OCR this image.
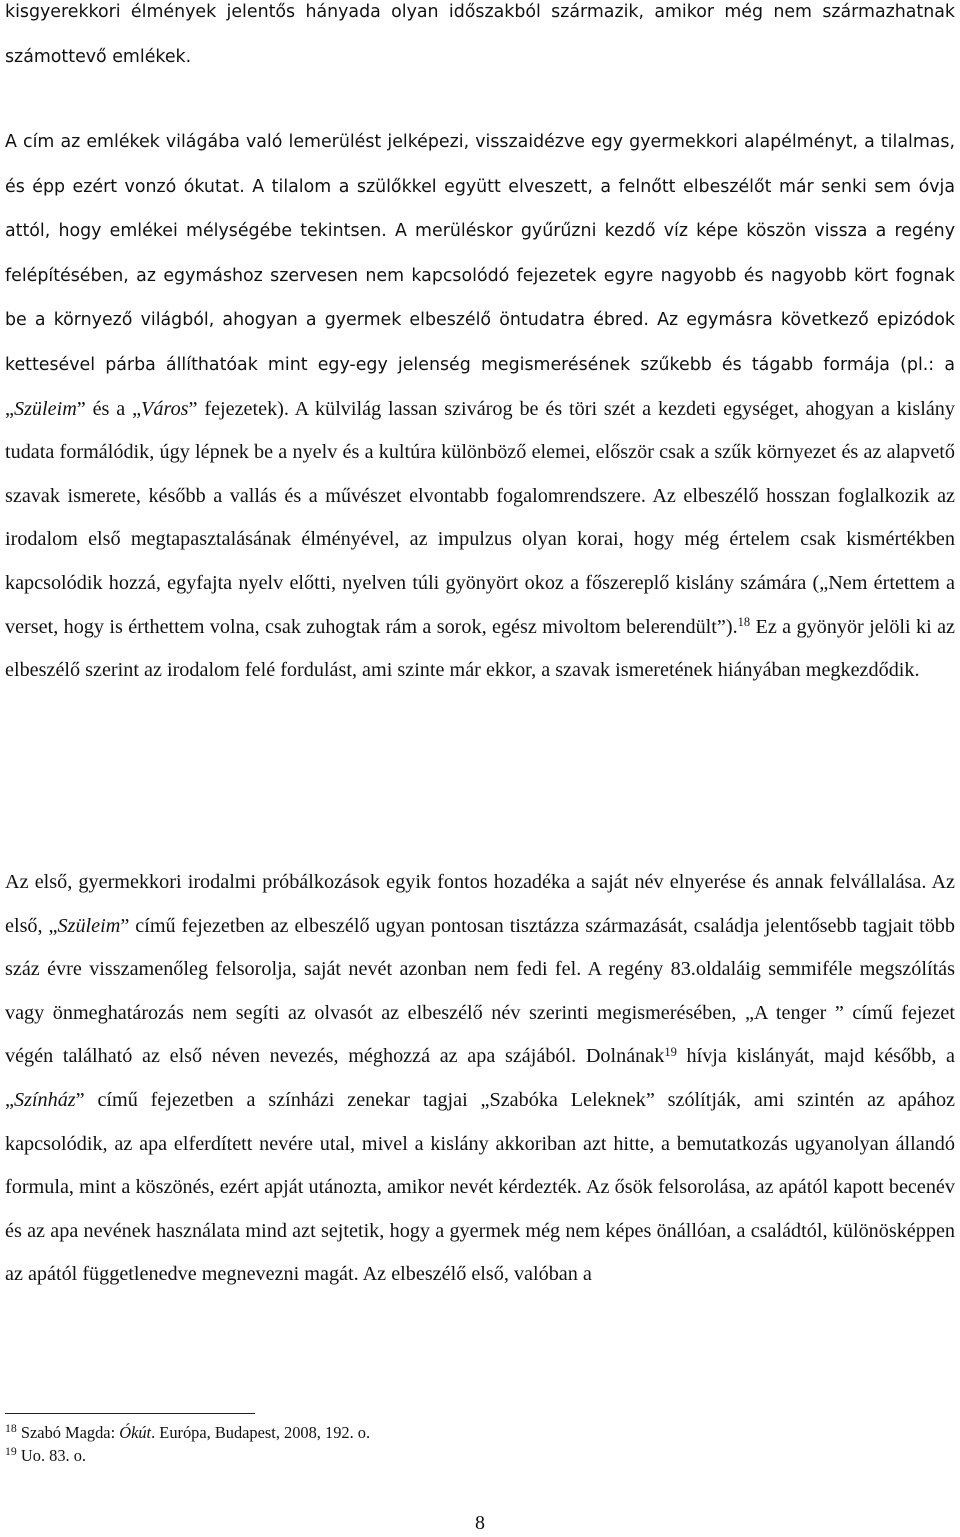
kisgyerekkori élmények jelentős hányada olyan időszakból származik, amikor még nem származhatnak számottevő emlékek.
A cím az emlékek világába való lemerülést jelképezi, visszaidézve egy gyermekkori alapélményt, a tilalmas, és épp ezért vonzó ókutat. A tilalom a szülőkkel együtt elveszett, a felnőtt elbeszélőt már senki sem óvja attól, hogy emlékei mélységébe tekintsen. A merüléskor gyűrűzni kezdő víz képe köszön vissza a regény felépítésében, az egymáshoz szervesen nem kapcsolódó fejezetek egyre nagyobb és nagyobb kört fognak be a környező világból, ahogyan a gyermek elbeszélő öntudatra ébred. Az egymásra következő epizódok kettesével párba állíthatóak mint egy-egy jelenség megismerésének szűkebb és tágabb formája (pl.: a „Szüleim” és a „Város” fejezetek). A külvilág lassan szivárog be és töri szét a kezdeti egységet, ahogyan a kislány tudata formálódik, úgy lépnek be a nyelv és a kultúra különböző elemei, először csak a szűk környezet és az alapvető szavak ismerete, később a vallás és a művészet elvontabb fogalomrendszere. Az elbeszélő hosszan foglalkozik az irodalom első megtapasztalásának élményével, az impulzus olyan korai, hogy még értelem csak kismértékben kapcsolódik hozzá, egyfajta nyelv előtti, nyelven túli gyönyört okoz a főszereplő kislány számára („Nem értettem a verset, hogy is érthettem volna, csak zuhogtak rám a sorok, egész mivoltom belerendült”).$^{18}$ Ez a gyönyör jelöli ki az elbeszélő szerint az irodalom felé fordulást, ami szinte már ekkor, a szavak ismeretének hiányában megkezdődik.
Az első, gyermekkori irodalmi próbálkozások egyik fontos hozadéka a saját név elnyerése és annak felvállalása. Az első, „Szüleim” című fejezetben az elbeszélő ugyan pontosan tisztázza származását, családja jelentősebb tagjait több száz évre visszamenőleg felsorolja, saját nevét azonban nem fedi fel. A regény 83.oldaláig semmiféle megszólítás vagy önmeghatározás nem segíti az olvasót az elbeszélő név szerinti megismerésében, „A tenger ” című fejezet végén található az első néven nevezés, méghozzá az apa szájából. Dolnának$^{19}$ hívja kislányát, majd később, a „Színház” című fejezetben a színházi zenekar tagjai „Szabóka Leleknek” szólítják, ami szintén az apához kapcsolódik, az apa elferdített nevére utal, mivel a kislány akkoriban azt hitte, a bemutatkozás ugyanolyan állandó formula, mint a köszönés, ezért apját utánozta, amikor nevét kérdezték. Az ősök felsorolása, az apától kapott becenév és az apa nevének használata mind azt sejtetik, hogy a gyermek még nem képes önállóan, a családtól, különösképpen az apától függetlenedve megnevezni magát. Az elbeszélő első, valóban a
$^{18}$ Szabó Magda: Ókút. Európa, Budapest, 2008, 192. o.
$^{19}$ Uo. 83. o.
8
